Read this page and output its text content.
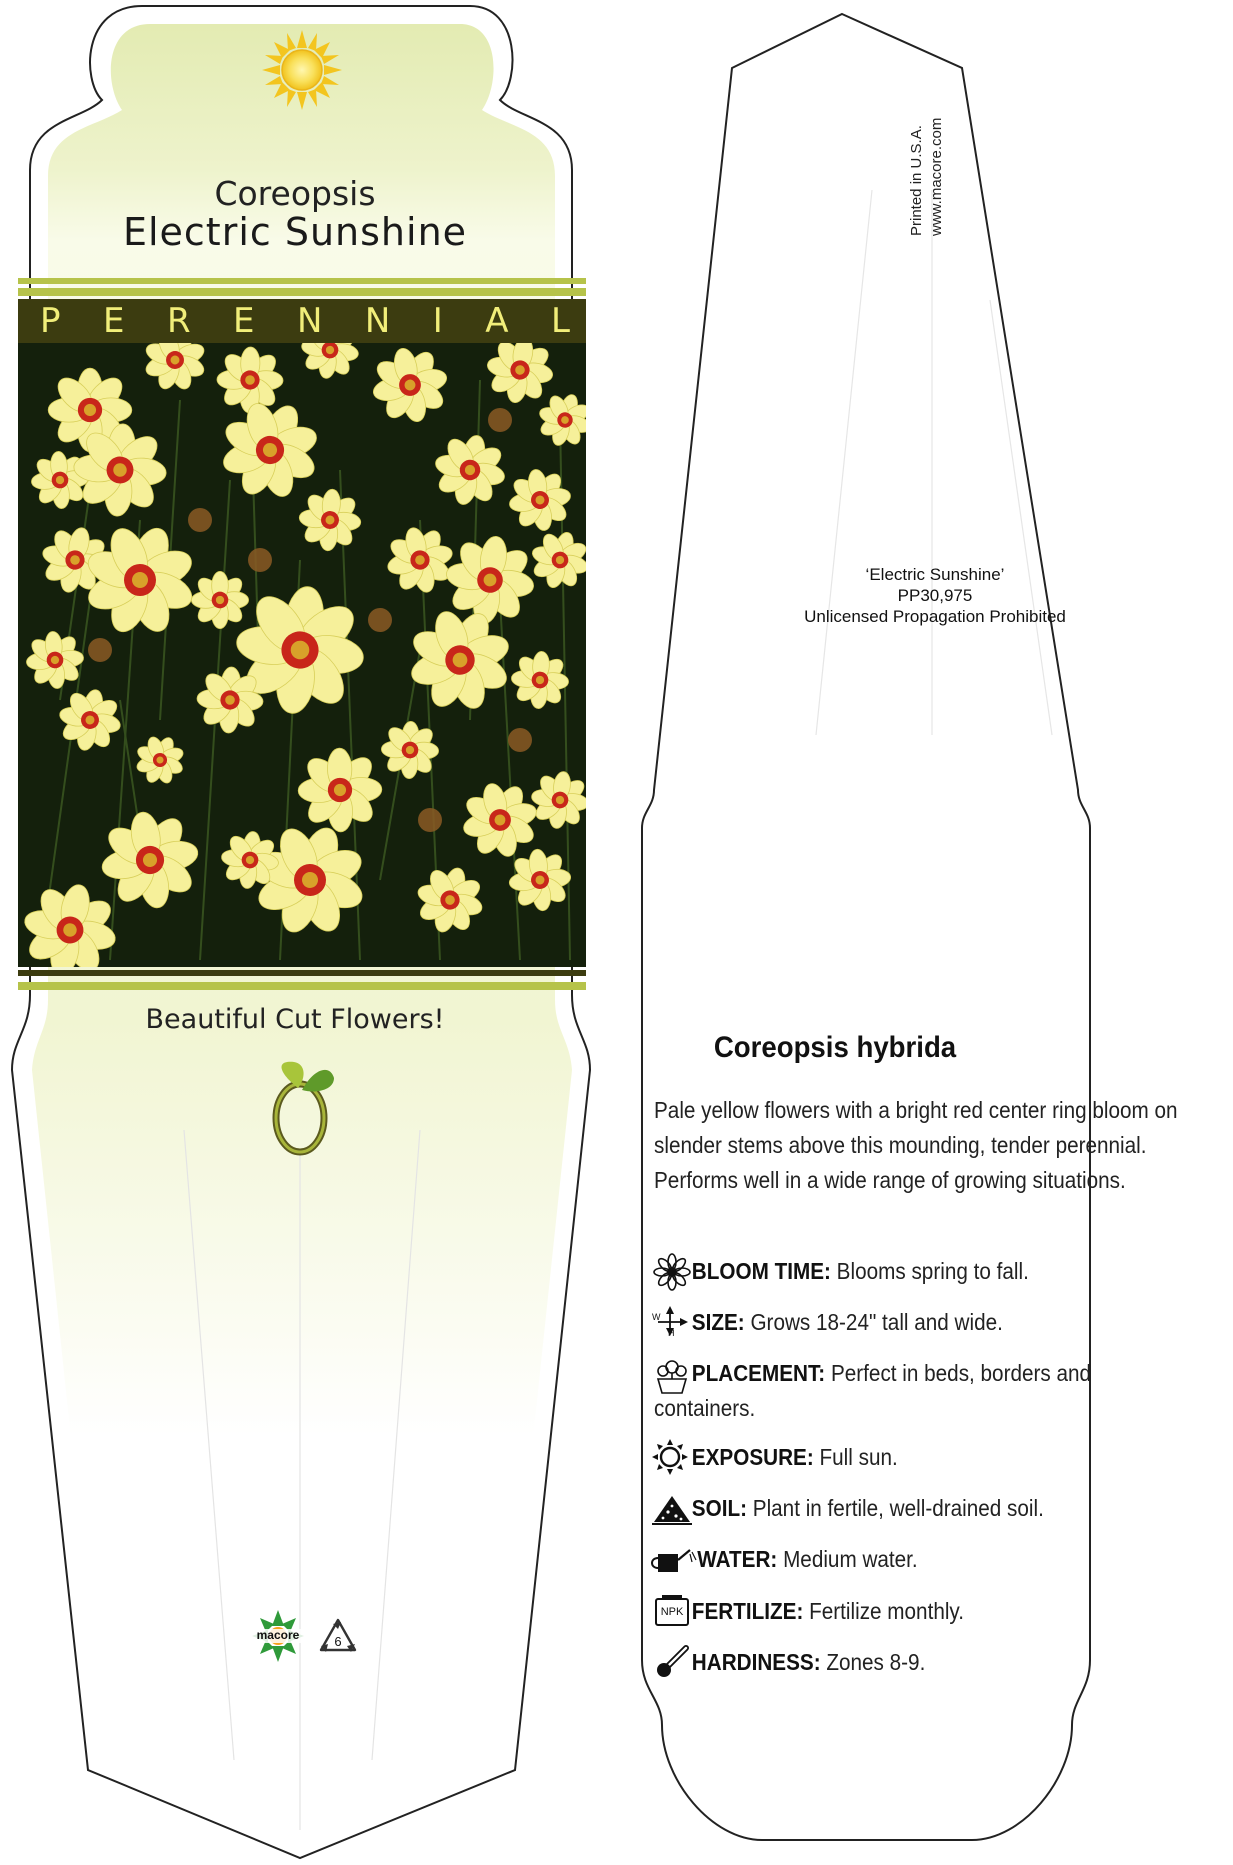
Coreopsis
Electric Sunshine
P E R E N N I A L
Beautiful Cut Flowers!
macore	6
Printed in U.S.A. www.macore.com
‘Electric Sunshine’
PP30,975
Unlicensed Propagation Prohibited
Coreopsis hybrida
Pale yellow flowers with a bright red center ring bloom on slender stems above this mounding, tender perennial. Performs well in a wide range of growing situations.
BLOOM TIME: Blooms spring to fall.
SIZE: Grows 18-24" tall and wide.
W
H
PLACEMENT: Perfect in beds, borders and containers.
EXPOSURE: Full sun.
SOIL: Plant in fertile, well-drained soil.
WATER: Medium water.
FERTILIZE: Fertilize monthly.
NPK
HARDINESS: Zones 8-9.
